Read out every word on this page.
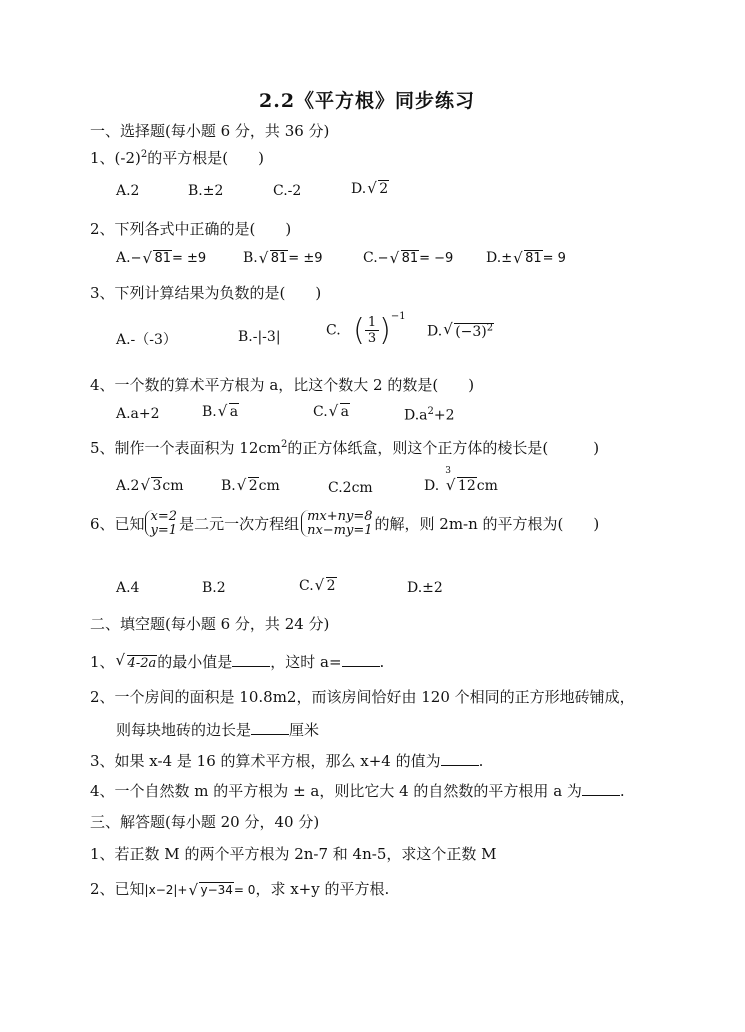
2.2《平方根》同步练习
一、选择题(每小题 6 分，共 36 分)
1、$(-2)^2$的平方根是(　　)
A.2	B.±2	C.-2	D. √ 2
2、下列各式中正确的是(　　)
A.− √ 81= ±9	B. √ 81= ±9	C.− √ 81= −9 D.± √ 81= 9
3、下列计算结果为负数的是(　　)
A.-（-3）	B.-|-3|	C. ( $\frac{1}{3} )^{-1}$
D. √ $(-3)^2$
4、一个数的算术平方根为 a，比这个数大 2 的数是(　　)
A.a+2	B. √ a	C. √ a	$D.a^2+2$
5、制作一个表面积为 $12cm^2$的正方体纸盒，则这个正方体的棱长是(　　　)
A.2 √ 3cm	B. √ 2cm	C.2cm	D.$^3$√ 12cm
6、已知 x=2
y=1 是二元一次方程组 mx+ny=8
nx−my=1 的解，则 2m-n 的平方根为(　　)
A.4	B.2	C. √ 2	D.±2
二、填空题(每小题 6 分，共 24 分)
1、 √ 4-2a的最小值是	，这时 a=	.
2、一个房间的面积是 10.8m2，而该房间恰好由 120 个相同的正方形地砖铺成，
则每块地砖的边长是	厘米
3、如果 x-4 是 16 的算术平方根，那么 x+4 的值为	.
4、一个自然数 m 的平方根为 ± a，则比它大 4 的自然数的平方根用 a 为	.
三、解答题(每小题 20 分，40 分)
1、若正数 M 的两个平方根为 2n-7 和 4n-5，求这个正数 M
2、已知|x−2|+ √ y−34= 0，求 x+y 的平方根.
